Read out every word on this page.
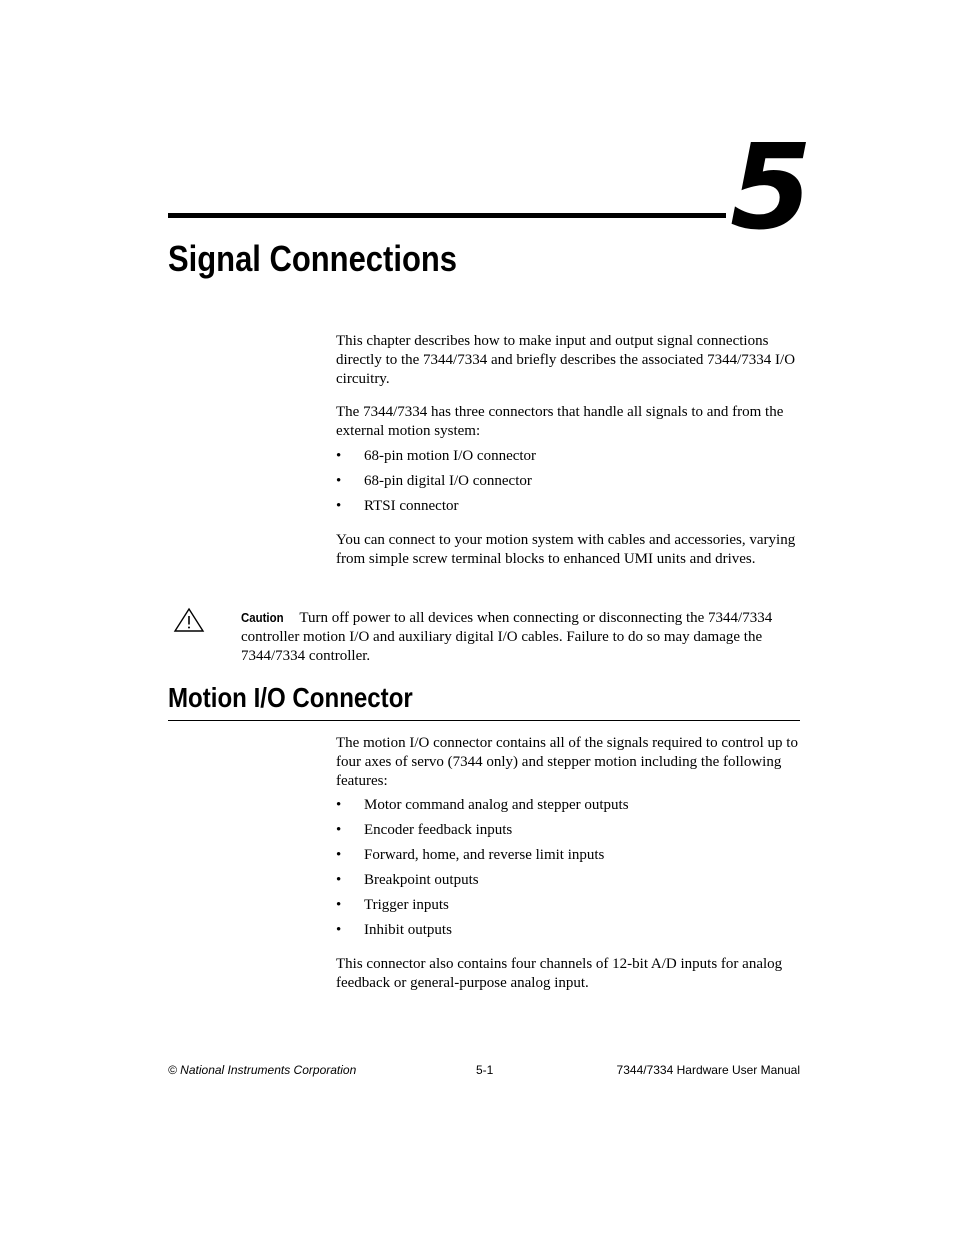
5
Signal Connections

This chapter describes how to make input and output signal connections directly to the 7344/7334 and briefly describes the associated 7344/7334 I/O circuitry.

The 7344/7334 has three connectors that handle all signals to and from the external motion system:

• 68-pin motion I/O connector
• 68-pin digital I/O connector
• RTSI connector

You can connect to your motion system with cables and accessories, varying from simple screw terminal blocks to enhanced UMI units and drives.

Caution Turn off power to all devices when connecting or disconnecting the 7344/7334 controller motion I/O and auxiliary digital I/O cables. Failure to do so may damage the 7344/7334 controller.

Motion I/O Connector

The motion I/O connector contains all of the signals required to control up to four axes of servo (7344 only) and stepper motion including the following features:

• Motor command analog and stepper outputs
• Encoder feedback inputs
• Forward, home, and reverse limit inputs
• Breakpoint outputs
• Trigger inputs
• Inhibit outputs

This connector also contains four channels of 12-bit A/D inputs for analog feedback or general-purpose analog input.

© National Instruments Corporation	5-1	7344/7334 Hardware User Manual
